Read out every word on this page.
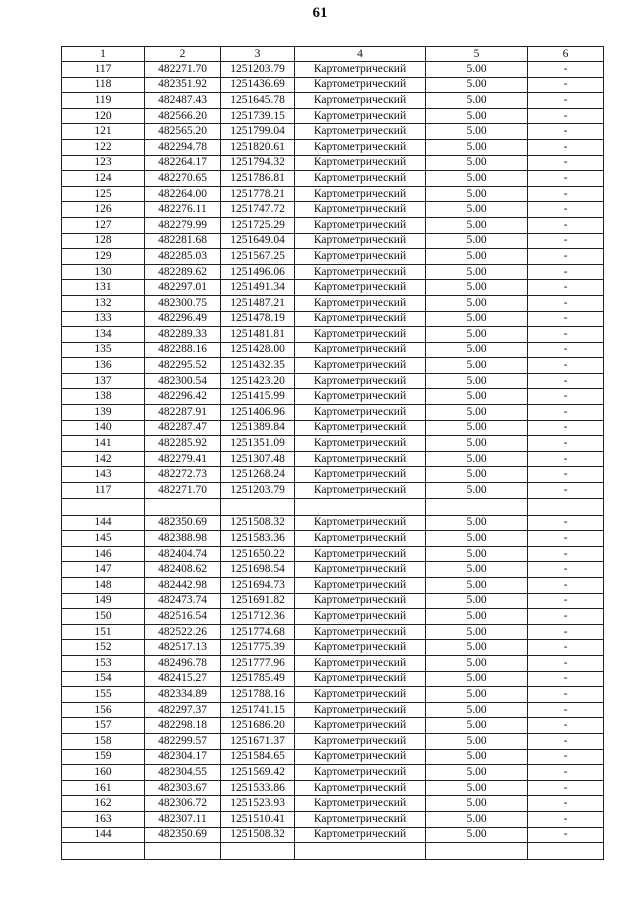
61
1	2	3	4	5	6
117	482271.70	1251203.79	Картометрический	5.00	-
118	482351.92	1251436.69	Картометрический	5.00	-
119	482487.43	1251645.78	Картометрический	5.00	-
120	482566.20	1251739.15	Картометрический	5.00	-
121	482565.20	1251799.04	Картометрический	5.00	-
122	482294.78	1251820.61	Картометрический	5.00	-
123	482264.17	1251794.32	Картометрический	5.00	-
124	482270.65	1251786.81	Картометрический	5.00	-
125	482264.00	1251778.21	Картометрический	5.00	-
126	482276.11	1251747.72	Картометрический	5.00	-
127	482279.99	1251725.29	Картометрический	5.00	-
128	482281.68	1251649.04	Картометрический	5.00	-
129	482285.03	1251567.25	Картометрический	5.00	-
130	482289.62	1251496.06	Картометрический	5.00	-
131	482297.01	1251491.34	Картометрический	5.00	-
132	482300.75	1251487.21	Картометрический	5.00	-
133	482296.49	1251478.19	Картометрический	5.00	-
134	482289.33	1251481.81	Картометрический	5.00	-
135	482288.16	1251428.00	Картометрический	5.00	-
136	482295.52	1251432.35	Картометрический	5.00	-
137	482300.54	1251423.20	Картометрический	5.00	-
138	482296.42	1251415.99	Картометрический	5.00	-
139	482287.91	1251406.96	Картометрический	5.00	-
140	482287.47	1251389.84	Картометрический	5.00	-
141	482285.92	1251351.09	Картометрический	5.00	-
142	482279.41	1251307.48	Картометрический	5.00	-
143	482272.73	1251268.24	Картометрический	5.00	-
117	482271.70	1251203.79	Картометрический	5.00	-

144	482350.69	1251508.32	Картометрический	5.00	-
145	482388.98	1251583.36	Картометрический	5.00	-
146	482404.74	1251650.22	Картометрический	5.00	-
147	482408.62	1251698.54	Картометрический	5.00	-
148	482442.98	1251694.73	Картометрический	5.00	-
149	482473.74	1251691.82	Картометрический	5.00	-
150	482516.54	1251712.36	Картометрический	5.00	-
151	482522.26	1251774.68	Картометрический	5.00	-
152	482517.13	1251775.39	Картометрический	5.00	-
153	482496.78	1251777.96	Картометрический	5.00	-
154	482415.27	1251785.49	Картометрический	5.00	-
155	482334.89	1251788.16	Картометрический	5.00	-
156	482297.37	1251741.15	Картометрический	5.00	-
157	482298.18	1251686.20	Картометрический	5.00	-
158	482299.57	1251671.37	Картометрический	5.00	-
159	482304.17	1251584.65	Картометрический	5.00	-
160	482304.55	1251569.42	Картометрический	5.00	-
161	482303.67	1251533.86	Картометрический	5.00	-
162	482306.72	1251523.93	Картометрический	5.00	-
163	482307.11	1251510.41	Картометрический	5.00	-
144	482350.69	1251508.32	Картометрический	5.00	-
